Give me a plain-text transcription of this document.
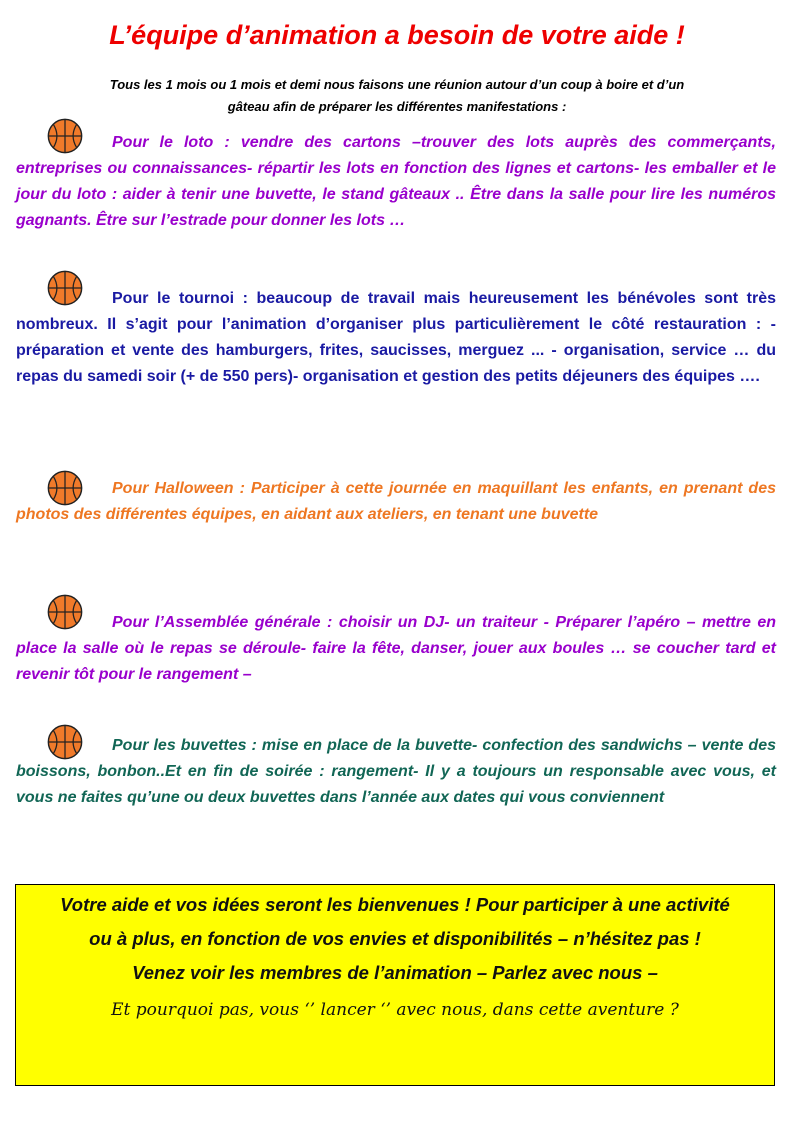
L’équipe d’animation a besoin de votre aide !
Tous les 1 mois ou 1 mois et demi nous faisons une réunion autour d’un coup à boire et d’un
gâteau afin de préparer les différentes manifestations :

Pour le loto : vendre des cartons –trouver des lots auprès des commerçants, entreprises ou connaissances- répartir les lots en fonction des lignes et cartons- les emballer et le jour du loto : aider à tenir une buvette, le stand gâteaux .. Être dans la salle pour lire les numéros gagnants. Être sur l’estrade pour donner les lots …

Pour le tournoi : beaucoup de travail mais heureusement les bénévoles sont très nombreux. Il s’agit pour l’animation d’organiser plus particulièrement le côté restauration : -préparation et vente des hamburgers, frites, saucisses, merguez ... - organisation, service … du repas du samedi soir (+ de 550 pers)- organisation et gestion des petits déjeuners des équipes ….

Pour Halloween : Participer à cette journée en maquillant les enfants, en prenant des photos des différentes équipes, en aidant aux ateliers, en tenant une buvette

Pour l’Assemblée générale : choisir un DJ- un traiteur - Préparer l’apéro – mettre en place la salle où le repas se déroule- faire la fête, danser, jouer aux boules … se coucher tard et revenir tôt pour le rangement –

Pour les buvettes : mise en place de la buvette- confection des sandwichs – vente des boissons, bonbon..Et en fin de soirée : rangement- Il y a toujours un responsable avec vous, et vous ne faites qu’une ou deux buvettes dans l’année aux dates qui vous conviennent

Votre aide et vos idées seront les bienvenues ! Pour participer à une activité
ou à plus, en fonction de vos envies et disponibilités – n’hésitez pas !
Venez voir les membres de l’animation – Parlez avec nous –
Et pourquoi pas, vous ‘’ lancer ‘’ avec nous, dans cette aventure ?
